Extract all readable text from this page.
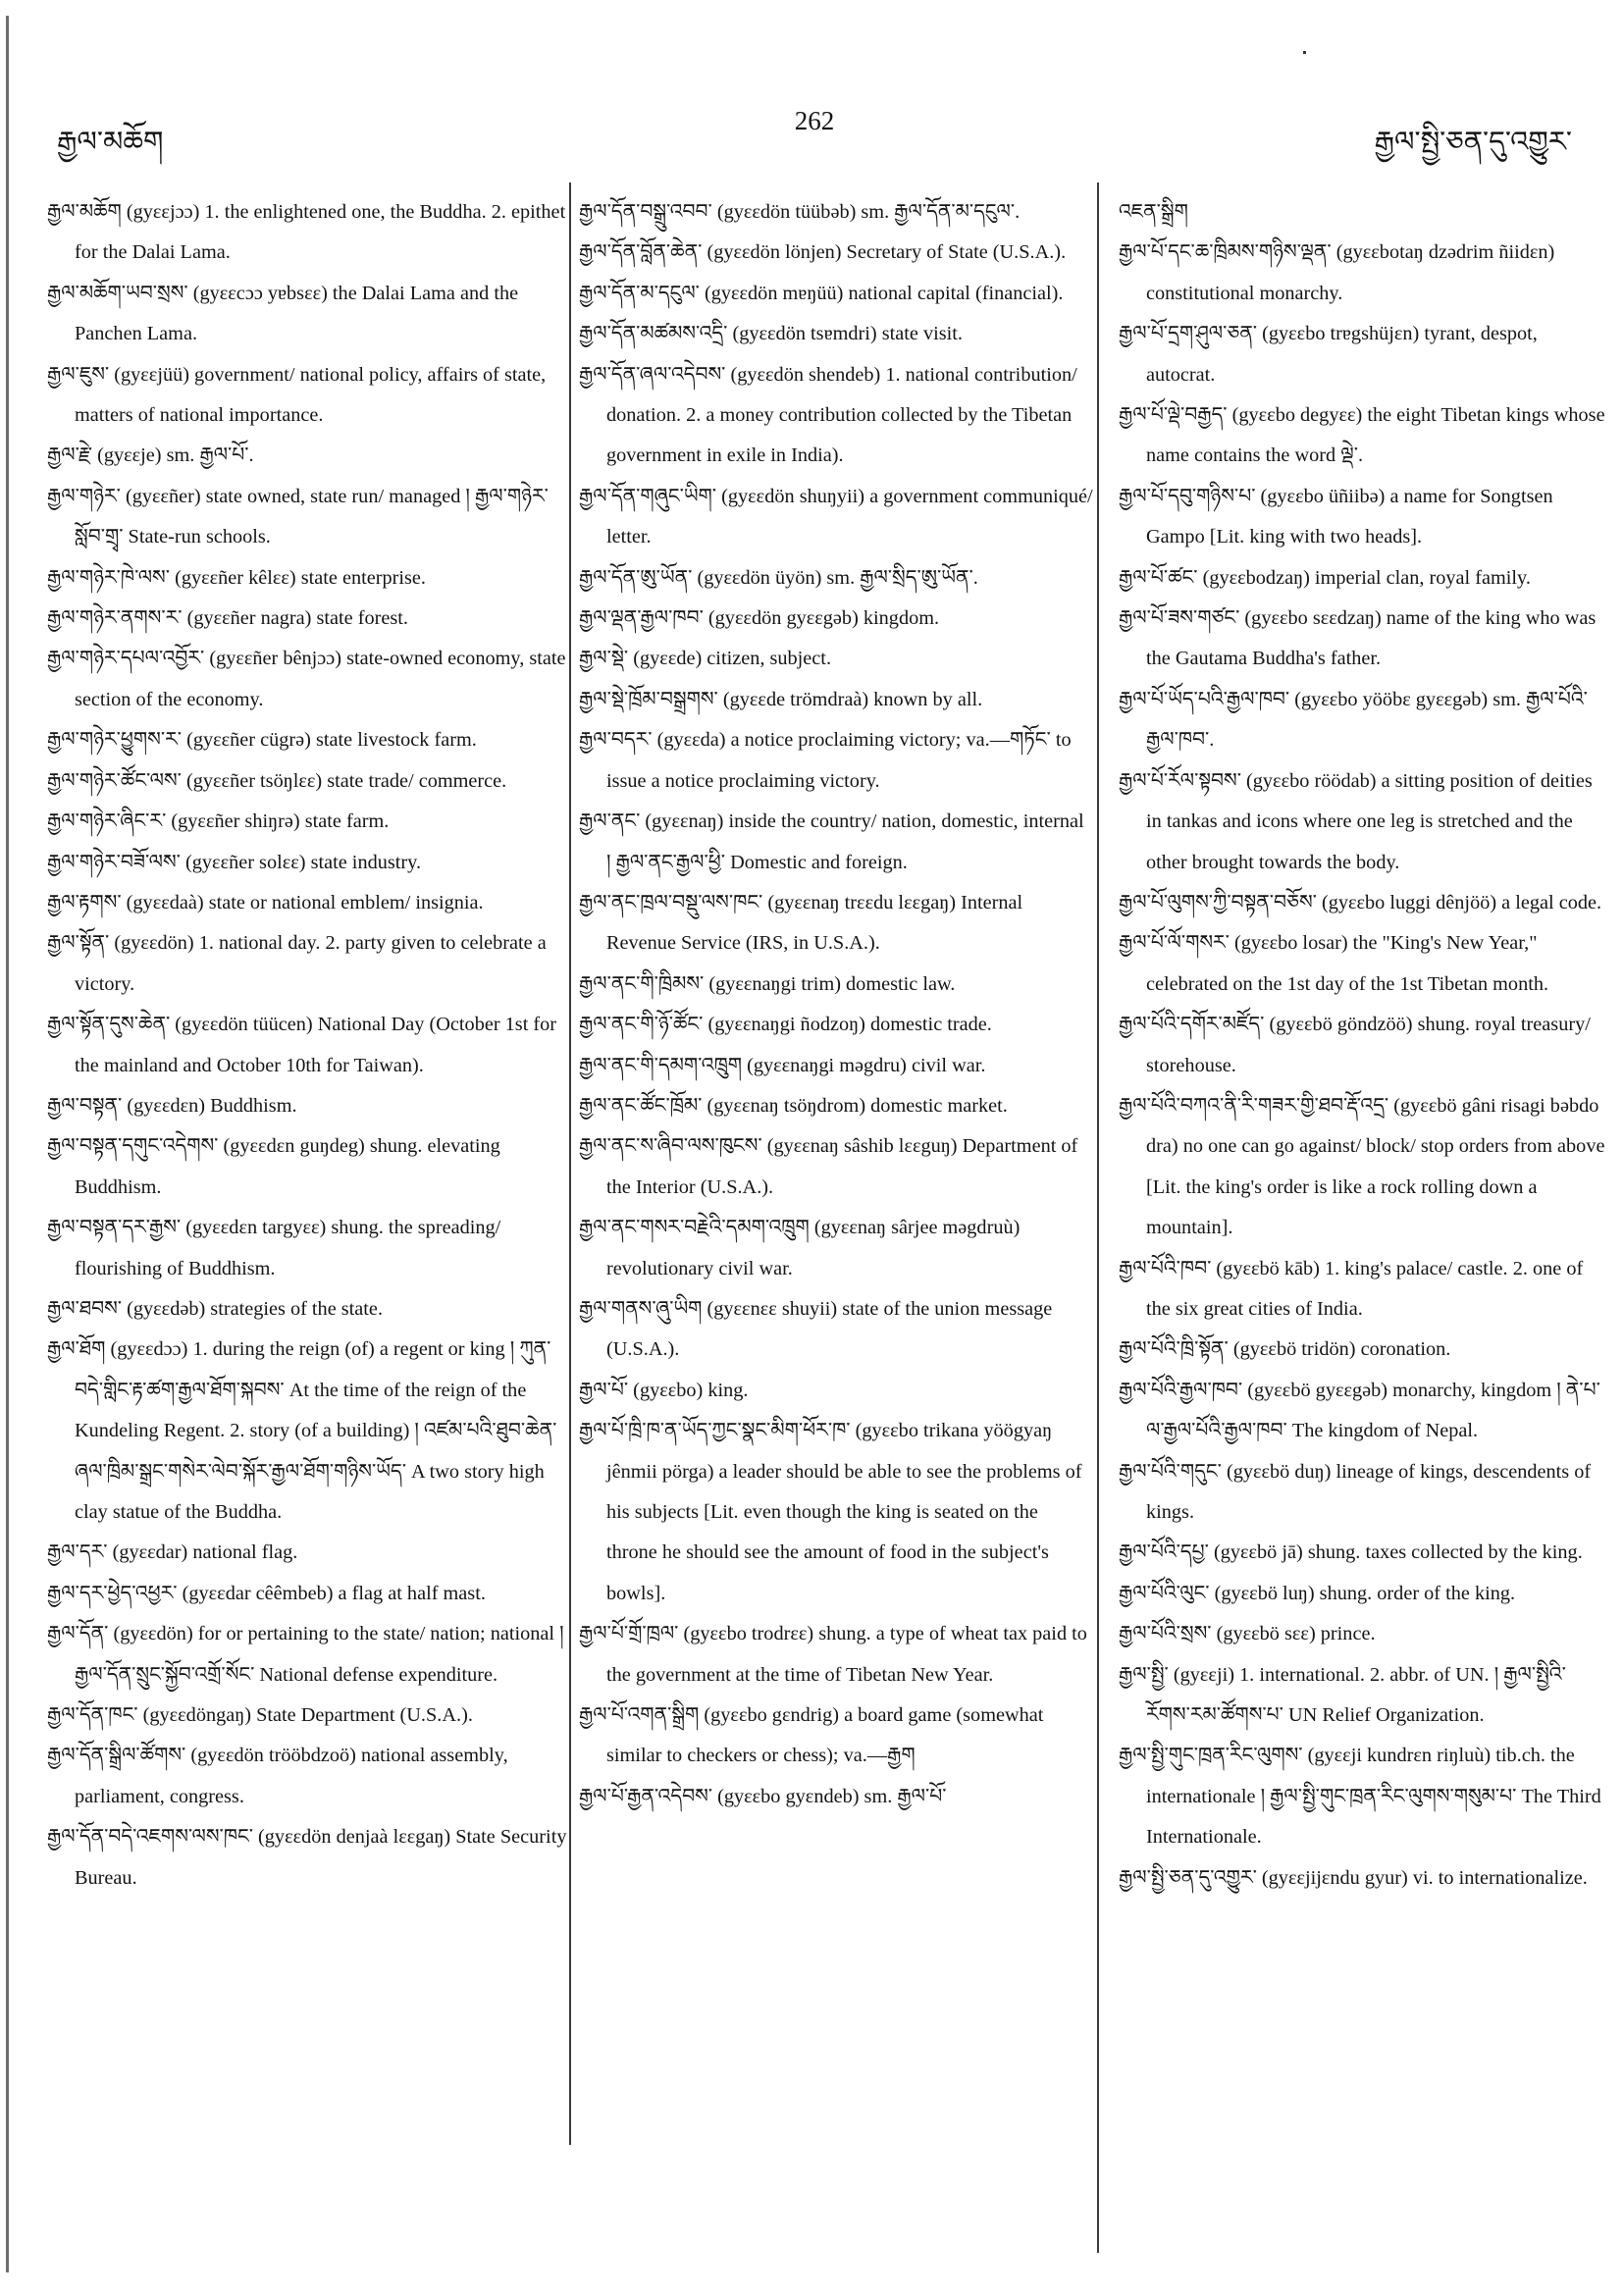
རྒྱལ་མཆོག
262
རྒྱལ་སྤྱི་ཅན་དུ་འགྱུར་

རྒྱལ་མཆོག (gyɛɛjɔɔ) 1. the enlightened one, the Buddha. 2. epithet for the Dalai Lama.

རྒྱལ་མཆོག་ཡབ་སྲས་ (gyɛɛcɔɔ yɐbsɛɛ) the Dalai Lama and the Panchen Lama.

རྒྱལ་ཇུས་ (gyɛɛjüü) government/ national policy, affairs of state, matters of national importance.

རྒྱལ་རྗེ་ (gyɛɛje) sm. རྒྱལ་པོ་.

རྒྱལ་གཉེར་ (gyɛɛñer) state owned, state run/ managed ། རྒྱལ་གཉེར་སློབ་གྲྭ་ State-run schools.

རྒྱལ་གཉེར་ཁེ་ལས་ (gyɛɛñer kêlɛɛ) state enterprise.

རྒྱལ་གཉེར་ནགས་ར་ (gyɛɛñer nagra) state forest.

རྒྱལ་གཉེར་དཔལ་འབྱོར་ (gyɛɛñer bênjɔɔ) state-owned economy, state section of the economy.

རྒྱལ་གཉེར་ཕྱུགས་ར་ (gyɛɛñer cügrə) state livestock farm.

རྒྱལ་གཉེར་ཚོང་ལས་ (gyɛɛñer tsöŋlɛɛ) state trade/ commerce.

རྒྱལ་གཉེར་ཞིང་ར་ (gyɛɛñer shiŋrə) state farm.

རྒྱལ་གཉེར་བཟོ་ལས་ (gyɛɛñer solɛɛ) state industry.

རྒྱལ་རྟགས་ (gyɛɛdaà) state or national emblem/ insignia.

རྒྱལ་སྟོན་ (gyɛɛdön) 1. national day. 2. party given to celebrate a victory.

རྒྱལ་སྟོན་དུས་ཆེན་ (gyɛɛdön tüücen) National Day (October 1st for the mainland and October 10th for Taiwan).

རྒྱལ་བསྟན་ (gyɛɛdɛn) Buddhism.

རྒྱལ་བསྟན་དགུང་འདེགས་ (gyɛɛdɛn guŋdeg) shung. elevating Buddhism.

རྒྱལ་བསྟན་དར་རྒྱས་ (gyɛɛdɛn targyɛɛ) shung. the spreading/ flourishing of Buddhism.

རྒྱལ་ཐབས་ (gyɛɛdəb) strategies of the state.

རྒྱལ་ཐོག (gyɛɛdɔɔ) 1. during the reign (of) a regent or king ། ཀུན་བདེ་གླིང་རྟ་ཚག་རྒྱལ་ཐོག་སྐབས་ At the time of the reign of the Kundeling Regent. 2. story (of a building) ། འཛམ་པའི་ཐུབ་ཆེན་ཞལ་ཁྲིམ་སྒྲང་གསེར་ལེབ་སྐོར་རྒྱལ་ཐོག་གཉིས་ཡོད་ A two story high clay statue of the Buddha.

རྒྱལ་དར་ (gyɛɛdar) national flag.

རྒྱལ་དར་ཕྱེད་འཕྱར་ (gyɛɛdar cêêmbeb) a flag at half mast.

རྒྱལ་དོན་ (gyɛɛdön) for or pertaining to the state/ nation; national ། རྒྱལ་དོན་སྲུང་སྐྱོབ་འགྲོ་སོང་ National defense expenditure.

རྒྱལ་དོན་ཁང་ (gyɛɛdöngaŋ) State Department (U.S.A.).

རྒྱལ་དོན་སྒྲིལ་ཚོགས་ (gyɛɛdön trööbdzoö) national assembly, parliament, congress.

རྒྱལ་དོན་བདེ་འཇགས་ལས་ཁང་ (gyɛɛdön denjaà lɛɛgaŋ) State Security Bureau.

རྒྱལ་དོན་བསྒྲུ་འབབ་ (gyɛɛdön tüübəb) sm. རྒྱལ་དོན་མ་དངུལ་.

རྒྱལ་དོན་བློན་ཆེན་ (gyɛɛdön lönjen) Secretary of State (U.S.A.).

རྒྱལ་དོན་མ་དངུལ་ (gyɛɛdön mɐŋüü) national capital (financial).

རྒྱལ་དོན་མཚམས་འདྲི་ (gyɛɛdön tsɐmdri) state visit.

རྒྱལ་དོན་ཞལ་འདེབས་ (gyɛɛdön shendeb) 1. national contribution/ donation. 2. a money contribution collected by the Tibetan government in exile in India).

རྒྱལ་དོན་གཞུང་ཡིག་ (gyɛɛdön shuŋyii) a government communiqué/ letter.

རྒྱལ་དོན་ཨུ་ཡོན་ (gyɛɛdön üyön) sm. རྒྱལ་སྲིད་ཨུ་ཡོན་.

རྒྱལ་ལྡན་རྒྱལ་ཁབ་ (gyɛɛdön gyɛɛgəb) kingdom.

རྒྱལ་སྡེ་ (gyɛɛde) citizen, subject.

རྒྱལ་སྡེ་ཁྲོམ་བསྒྲགས་ (gyɛɛde trömdraà) known by all.

རྒྱལ་བདར་ (gyɛɛda) a notice proclaiming victory; va.—གཏོང་ to issue a notice proclaiming victory.

རྒྱལ་ནང་ (gyɛɛnaŋ) inside the country/ nation, domestic, internal ། རྒྱལ་ནང་རྒྱལ་ཕྱི་ Domestic and foreign.

རྒྱལ་ནང་ཁྲལ་བསྡུ་ལས་ཁང་ (gyɛɛnaŋ trɛɛdu lɛɛgaŋ) Internal Revenue Service (IRS, in U.S.A.).

རྒྱལ་ནང་གི་ཁྲིམས་ (gyɛɛnaŋgi trim) domestic law.

རྒྱལ་ནང་གི་ཉོ་ཚོང་ (gyɛɛnaŋgi ñodzoŋ) domestic trade.

རྒྱལ་ནང་གི་དམག་འཁྲུག (gyɛɛnaŋgi məgdru) civil war.

རྒྱལ་ནང་ཚོང་ཁྲོམ་ (gyɛɛnaŋ tsöŋdrom) domestic market.

རྒྱལ་ནང་ས་ཞིབ་ལས་ཁུངས་ (gyɛɛnaŋ sâshib lɛɛguŋ) Department of the Interior (U.S.A.).

རྒྱལ་ནང་གསར་བརྗེའི་དམག་འཁྲུག (gyɛɛnaŋ sârjee məgdruù) revolutionary civil war.

རྒྱལ་གནས་ཞུ་ཡིག (gyɛɛnɛɛ shuyii) state of the union message (U.S.A.).

རྒྱལ་པོ་ (gyɛɛbo) king.

རྒྱལ་པོ་ཁྲི་ཁ་ན་ཡོད་ཀྱང་སྣང་མིག་ཕོར་ཁ་ (gyɛɛbo trikana yöögyaŋ jênmii pörga) a leader should be able to see the problems of his subjects [Lit. even though the king is seated on the throne he should see the amount of food in the subject's bowls].

རྒྱལ་པོ་གྲོ་ཁྲལ་ (gyɛɛbo trodrɛɛ) shung. a type of wheat tax paid to the government at the time of Tibetan New Year.

རྒྱལ་པོ་འགན་སྒྲིག (gyɛɛbo gɛndrig) a board game (somewhat similar to checkers or chess); va.—རྒྱག

རྒྱལ་པོ་རྒྱན་འདེབས་ (gyɛɛbo gyɛndeb) sm. རྒྱལ་པོ་

འཇན་སྒྲིག

རྒྱལ་པོ་དང་ཆ་ཁྲིམས་གཉིས་ལྡན་ (gyɛɛbotaŋ dzədrim ñiidɛn) constitutional monarchy.

རྒྱལ་པོ་དྲག་ཤུལ་ཅན་ (gyɛɛbo trɐgshüjɛn) tyrant, despot, autocrat.

རྒྱལ་པོ་ལྡེ་བརྒྱད་ (gyɛɛbo degyɛɛ) the eight Tibetan kings whose name contains the word ལྡེ་.

རྒྱལ་པོ་དབུ་གཉིས་པ་ (gyɛɛbo üñiibə) a name for Songtsen Gampo [Lit. king with two heads].

རྒྱལ་པོ་ཚང་ (gyɛɛbodzaŋ) imperial clan, royal family.

རྒྱལ་པོ་ཟས་གཙང་ (gyɛɛbo sɛɛdzaŋ) name of the king who was the Gautama Buddha's father.

རྒྱལ་པོ་ཡོད་པའི་རྒྱལ་ཁབ་ (gyɛɛbo yööbɛ gyɛɛgəb) sm. རྒྱལ་པོའི་རྒྱལ་ཁབ་.

རྒྱལ་པོ་རོལ་སྟབས་ (gyɛɛbo röödab) a sitting position of deities in tankas and icons where one leg is stretched and the other brought towards the body.

རྒྱལ་པོ་ལུགས་ཀྱི་བསྟན་བཅོས་ (gyɛɛbo luggi dênjöö) a legal code.

རྒྱལ་པོ་ལོ་གསར་ (gyɛɛbo losar) the "King's New Year," celebrated on the 1st day of the 1st Tibetan month.

རྒྱལ་པོའི་དགོར་མཛོད་ (gyɛɛbö göndzöö) shung. royal treasury/ storehouse.

རྒྱལ་པོའི་བཀའ་ནི་རི་གཟར་གྱི་ཐབ་རྡོ་འདྲ་ (gyɛɛbö gâni risagi bəbdo dra) no one can go against/ block/ stop orders from above [Lit. the king's order is like a rock rolling down a mountain].

རྒྱལ་པོའི་ཁབ་ (gyɛɛbö kāb) 1. king's palace/ castle. 2. one of the six great cities of India.

རྒྱལ་པོའི་ཁྲི་སྟོན་ (gyɛɛbö tridön) coronation.

རྒྱལ་པོའི་རྒྱལ་ཁབ་ (gyɛɛbö gyɛɛgəb) monarchy, kingdom ། ནེ་པ་ལ་རྒྱལ་པོའི་རྒྱལ་ཁབ་ The kingdom of Nepal.

རྒྱལ་པོའི་གདུང་ (gyɛɛbö duŋ) lineage of kings, descendents of kings.

རྒྱལ་པོའི་དཔྱ་ (gyɛɛbö jā) shung. taxes collected by the king.

རྒྱལ་པོའི་ལུང་ (gyɛɛbö luŋ) shung. order of the king.

རྒྱལ་པོའི་སྲས་ (gyɛɛbö sɛɛ) prince.

རྒྱལ་སྤྱི་ (gyɛɛji) 1. international. 2. abbr. of UN. ། རྒྱལ་སྤྱིའི་རོགས་རམ་ཚོགས་པ་ UN Relief Organization.

རྒྱལ་སྤྱི་གུང་ཁྲན་རིང་ལུགས་ (gyɛɛji kundrɛn riŋluù) tib.ch. the internationale ། རྒྱལ་སྤྱི་གུང་ཁྲན་རིང་ལུགས་གསུམ་པ་ The Third Internationale.

རྒྱལ་སྤྱི་ཅན་དུ་འགྱུར་ (gyɛɛjijɛndu gyur) vi. to internationalize.
